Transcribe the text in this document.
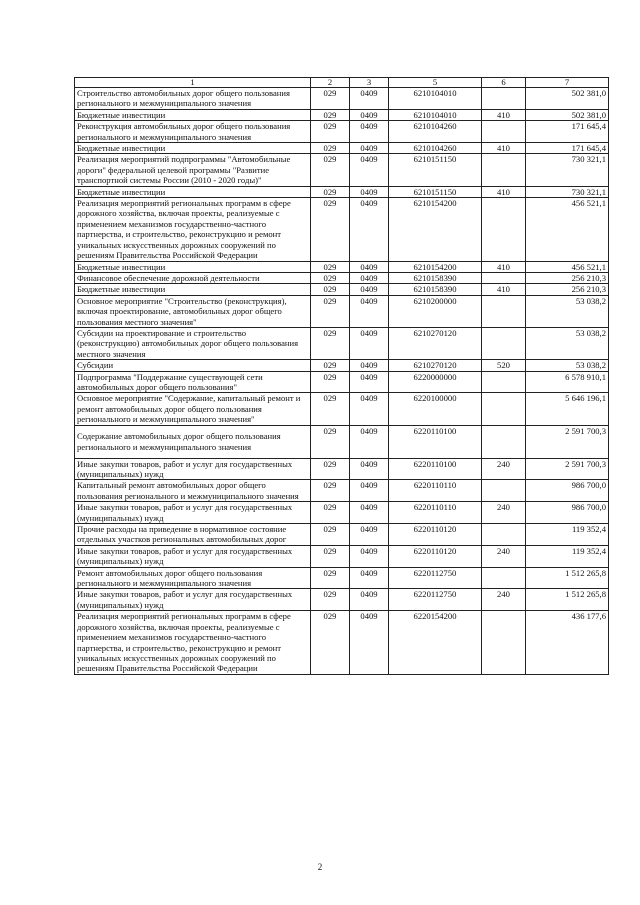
1	2	3	5	6	7
Строительство автомобильных дорог общего пользования регионального и межмуниципального значения	029	0409	6210104010		502 381,0
Бюджетные инвестиции	029	0409	6210104010	410	502 381,0
Реконструкция автомобильных дорог общего пользования регионального и межмуниципального значения	029	0409	6210104260		171 645,4
Бюджетные инвестиции	029	0409	6210104260	410	171 645,4
Реализация мероприятий подпрограммы "Автомобильные дороги" федеральной целевой программы "Развитие транспортной системы России (2010 - 2020 годы)"	029	0409	6210151150		730 321,1
Бюджетные инвестиции	029	0409	6210151150	410	730 321,1
Реализация мероприятий региональных программ в сфере дорожного хозяйства, включая проекты, реализуемые с применением механизмов государственно-частного партнерства, и строительство, реконструкцию и ремонт уникальных искусственных дорожных сооружений по решениям Правительства Российской Федерации	029	0409	6210154200		456 521,1
Бюджетные инвестиции	029	0409	6210154200	410	456 521,1
Финансовое обеспечение дорожной деятельности	029	0409	6210158390		256 210,3
Бюджетные инвестиции	029	0409	6210158390	410	256 210,3
Основное мероприятие "Строительство (реконструкция), включая проектирование, автомобильных дорог общего пользования местного значения"	029	0409	6210200000		53 038,2
Субсидии на проектирование и строительство (реконструкцию) автомобильных дорог общего пользования местного значения	029	0409	6210270120		53 038,2
Субсидии	029	0409	6210270120	520	53 038,2
Подпрограмма "Поддержание существующей сети автомобильных дорог общего пользования"	029	0409	6220000000		6 578 910,1
Основное мероприятие "Содержание, капитальный ремонт и ремонт автомобильных дорог общего пользования регионального и межмуниципального значения"	029	0409	6220100000		5 646 196,1
Содержание автомобильных дорог общего пользования регионального и межмуниципального значения	029	0409	6220110100		2 591 700,3
Иные закупки товаров, работ и услуг для государственных (муниципальных) нужд	029	0409	6220110100	240	2 591 700,3
Капитальный ремонт автомобильных дорог общего пользования регионального и межмуниципального значения	029	0409	6220110110		986 700,0
Иные закупки товаров, работ и услуг для государственных (муниципальных) нужд	029	0409	6220110110	240	986 700,0
Прочие расходы на приведение в нормативное состояние отдельных участков региональных автомобильных дорог	029	0409	6220110120		119 352,4
Иные закупки товаров, работ и услуг для государственных (муниципальных) нужд	029	0409	6220110120	240	119 352,4
Ремонт автомобильных дорог общего пользования регионального и межмуниципального значения	029	0409	6220112750		1 512 265,8
Иные закупки товаров, работ и услуг для государственных (муниципальных) нужд	029	0409	6220112750	240	1 512 265,8
Реализация мероприятий региональных программ в сфере дорожного хозяйства, включая проекты, реализуемые с применением механизмов государственно-частного партнерства, и строительство, реконструкцию и ремонт уникальных искусственных дорожных сооружений по решениям Правительства Российской Федерации	029	0409	6220154200		436 177,6
2
